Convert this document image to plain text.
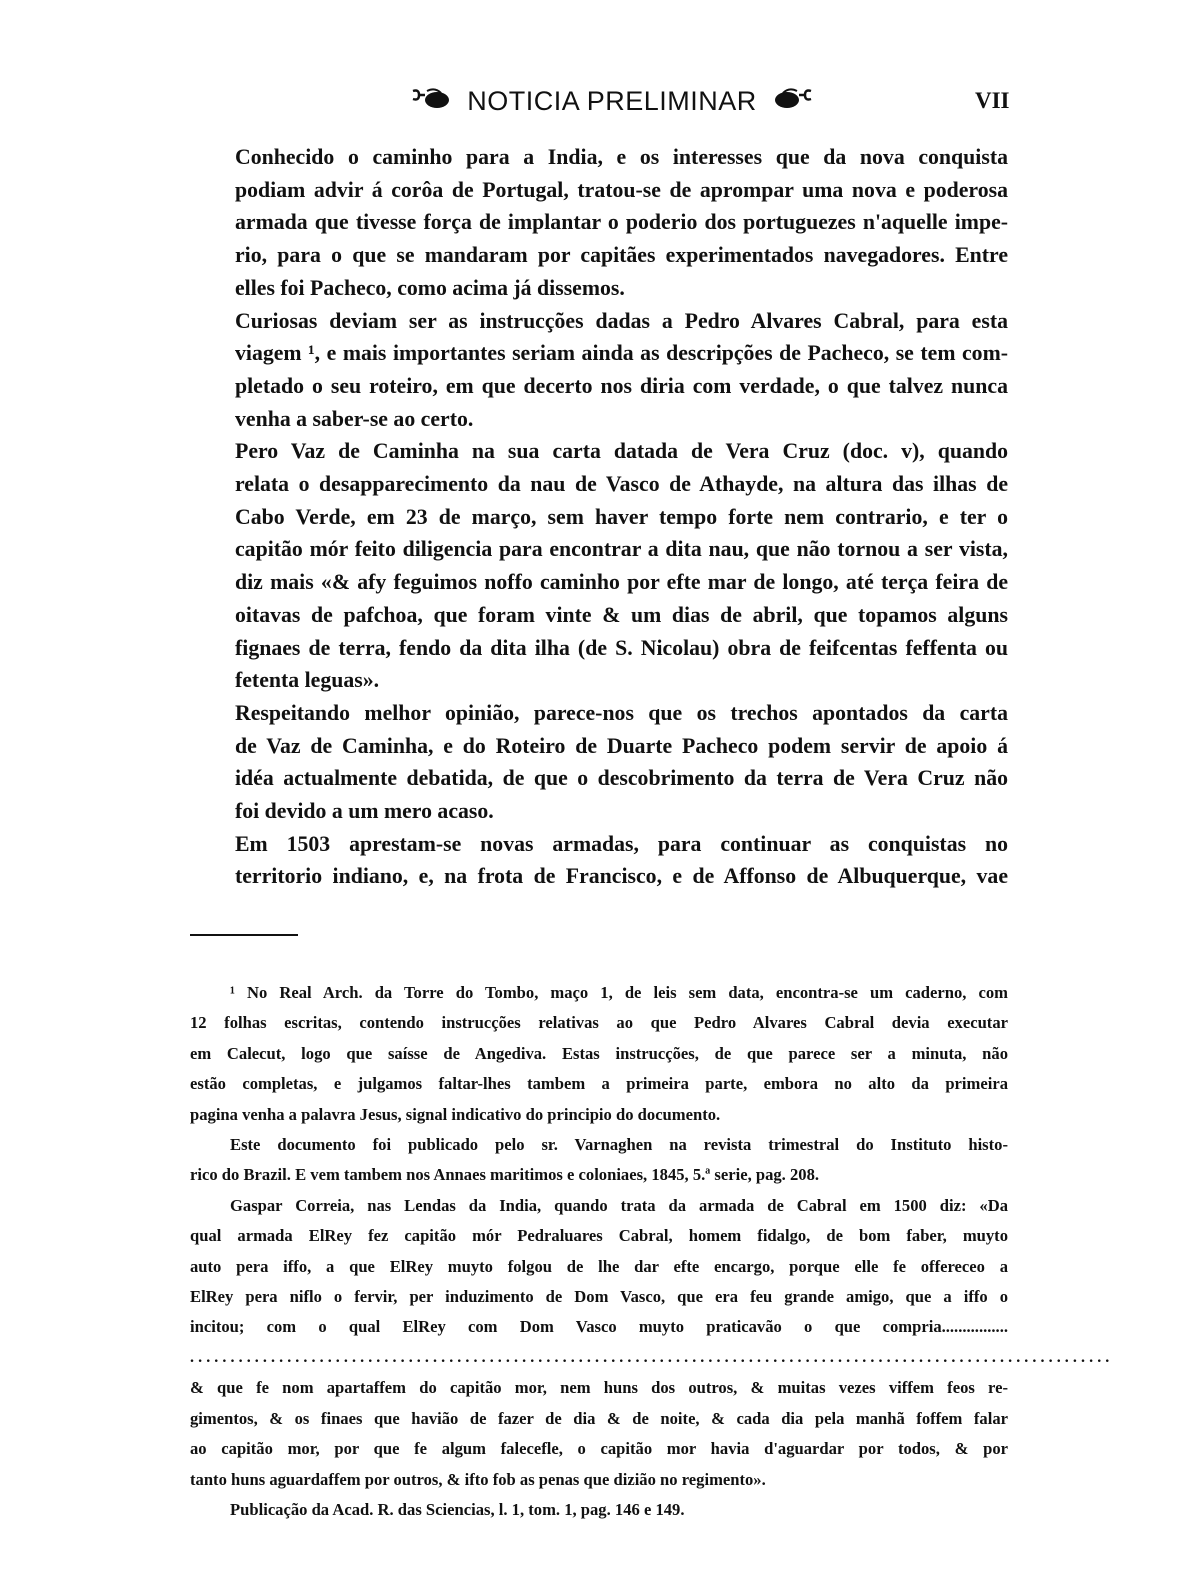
NOTICIA PRELIMINAR	VII

Conhecido o caminho para a India, e os interesses que da nova conquista
podiam advir á corôa de Portugal, tratou-se de aprompar uma nova e poderosa
armada que tivesse força de implantar o poderio dos portuguezes n'aquelle impe-
rio, para o que se mandaram por capitães experimentados navegadores. Entre
elles foi Pacheco, como acima já dissemos.

Curiosas deviam ser as instrucções dadas a Pedro Alvares Cabral, para esta
viagem ¹, e mais importantes seriam ainda as descripções de Pacheco, se tem com-
pletado o seu roteiro, em que decerto nos diria com verdade, o que talvez nunca
venha a saber-se ao certo.

Pero Vaz de Caminha na sua carta datada de Vera Cruz (doc. v), quando
relata o desapparecimento da nau de Vasco de Athayde, na altura das ilhas de
Cabo Verde, em 23 de março, sem haver tempo forte nem contrario, e ter o
capitão mór feito diligencia para encontrar a dita nau, que não tornou a ser vista,
diz mais «& afy feguimos noffo caminho por efte mar de longo, até terça feira de
oitavas de pafchoa, que foram vinte & um dias de abril, que topamos alguns
fignaes de terra, fendo da dita ilha (de S. Nicolau) obra de feifcentas feffenta ou
fetenta leguas».

Respeitando melhor opinião, parece-nos que os trechos apontados da carta
de Vaz de Caminha, e do Roteiro de Duarte Pacheco podem servir de apoio á
idéa actualmente debatida, de que o descobrimento da terra de Vera Cruz não
foi devido a um mero acaso.

Em 1503 aprestam-se novas armadas, para continuar as conquistas no
territorio indiano, e, na frota de Francisco, e de Affonso de Albuquerque, vae

¹ No Real Arch. da Torre do Tombo, maço 1, de leis sem data, encontra-se um caderno, com
12 folhas escritas, contendo instrucções relativas ao que Pedro Alvares Cabral devia executar
em Calecut, logo que saísse de Angediva. Estas instrucções, de que parece ser a minuta, não
estão completas, e julgamos faltar-lhes tambem a primeira parte, embora no alto da primeira
pagina venha a palavra Jesus, signal indicativo do principio do documento.
Este documento foi publicado pelo sr. Varnaghen na revista trimestral do Instituto histo-
rico do Brazil. E vem tambem nos Annaes maritimos e coloniaes, 1845, 5.ª serie, pag. 208.
Gaspar Correia, nas Lendas da India, quando trata da armada de Cabral em 1500 diz: «Da
qual armada ElRey fez capitão mór Pedraluares Cabral, homem fidalgo, de bom faber, muyto
auto pera iffo, a que ElRey muyto folgou de lhe dar efte encargo, porque elle fe offereceo a
ElRey pera niflo o fervir, per induzimento de Dom Vasco, que era feu grande amigo, que a iffo o
incitou; com o qual ElRey com Dom Vasco muyto praticavão o que compria................
..................................................................................................................
& que fe nom apartaffem do capitão mor, nem huns dos outros, & muitas vezes viffem feos re-
gimentos, & os finaes que havião de fazer de dia & de noite, & cada dia pela manhã foffem falar
ao capitão mor, por que fe algum falecefle, o capitão mor havia d'aguardar por todos, & por
tanto huns aguardaffem por outros, & ifto fob as penas que dizião no regimento».
Publicação da Acad. R. das Sciencias, l. 1, tom. 1, pag. 146 e 149.
